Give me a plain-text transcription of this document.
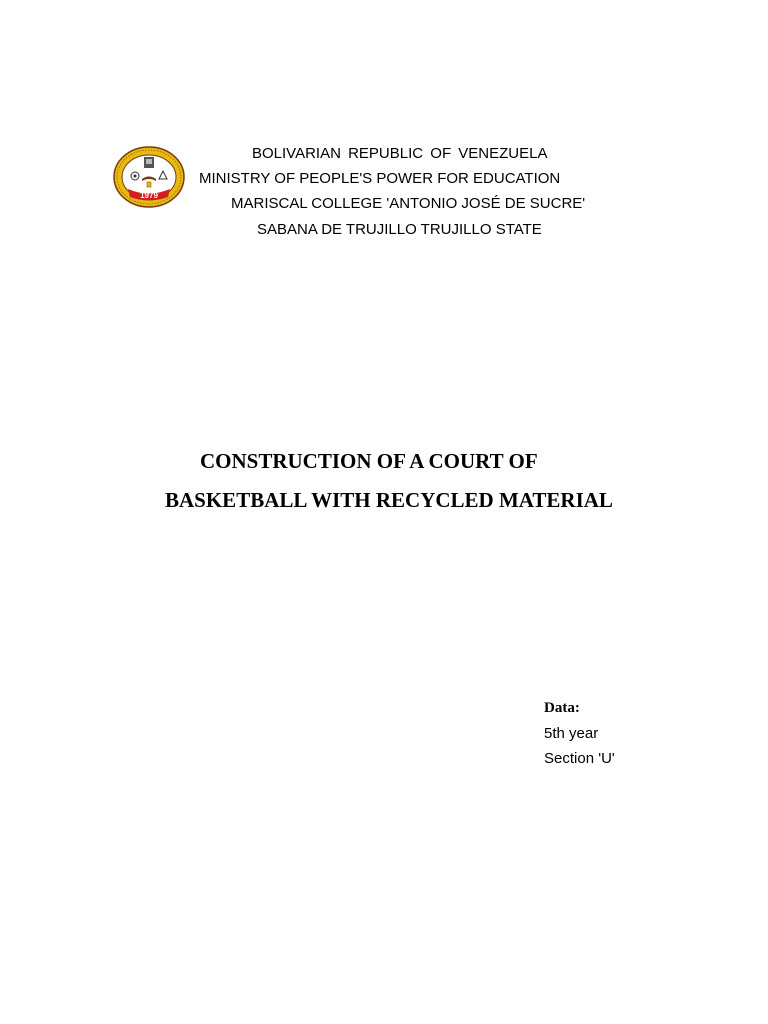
1979
BOLIVARIAN REPUBLIC OF VENEZUELA
MINISTRY OF PEOPLE'S POWER FOR EDUCATION
MARISCAL COLLEGE 'ANTONIO JOSÉ DE SUCRE'
SABANA DE TRUJILLO TRUJILLO STATE
CONSTRUCTION OF A COURT OF
BASKETBALL WITH RECYCLED MATERIAL
Data:
5th year
Section 'U'
